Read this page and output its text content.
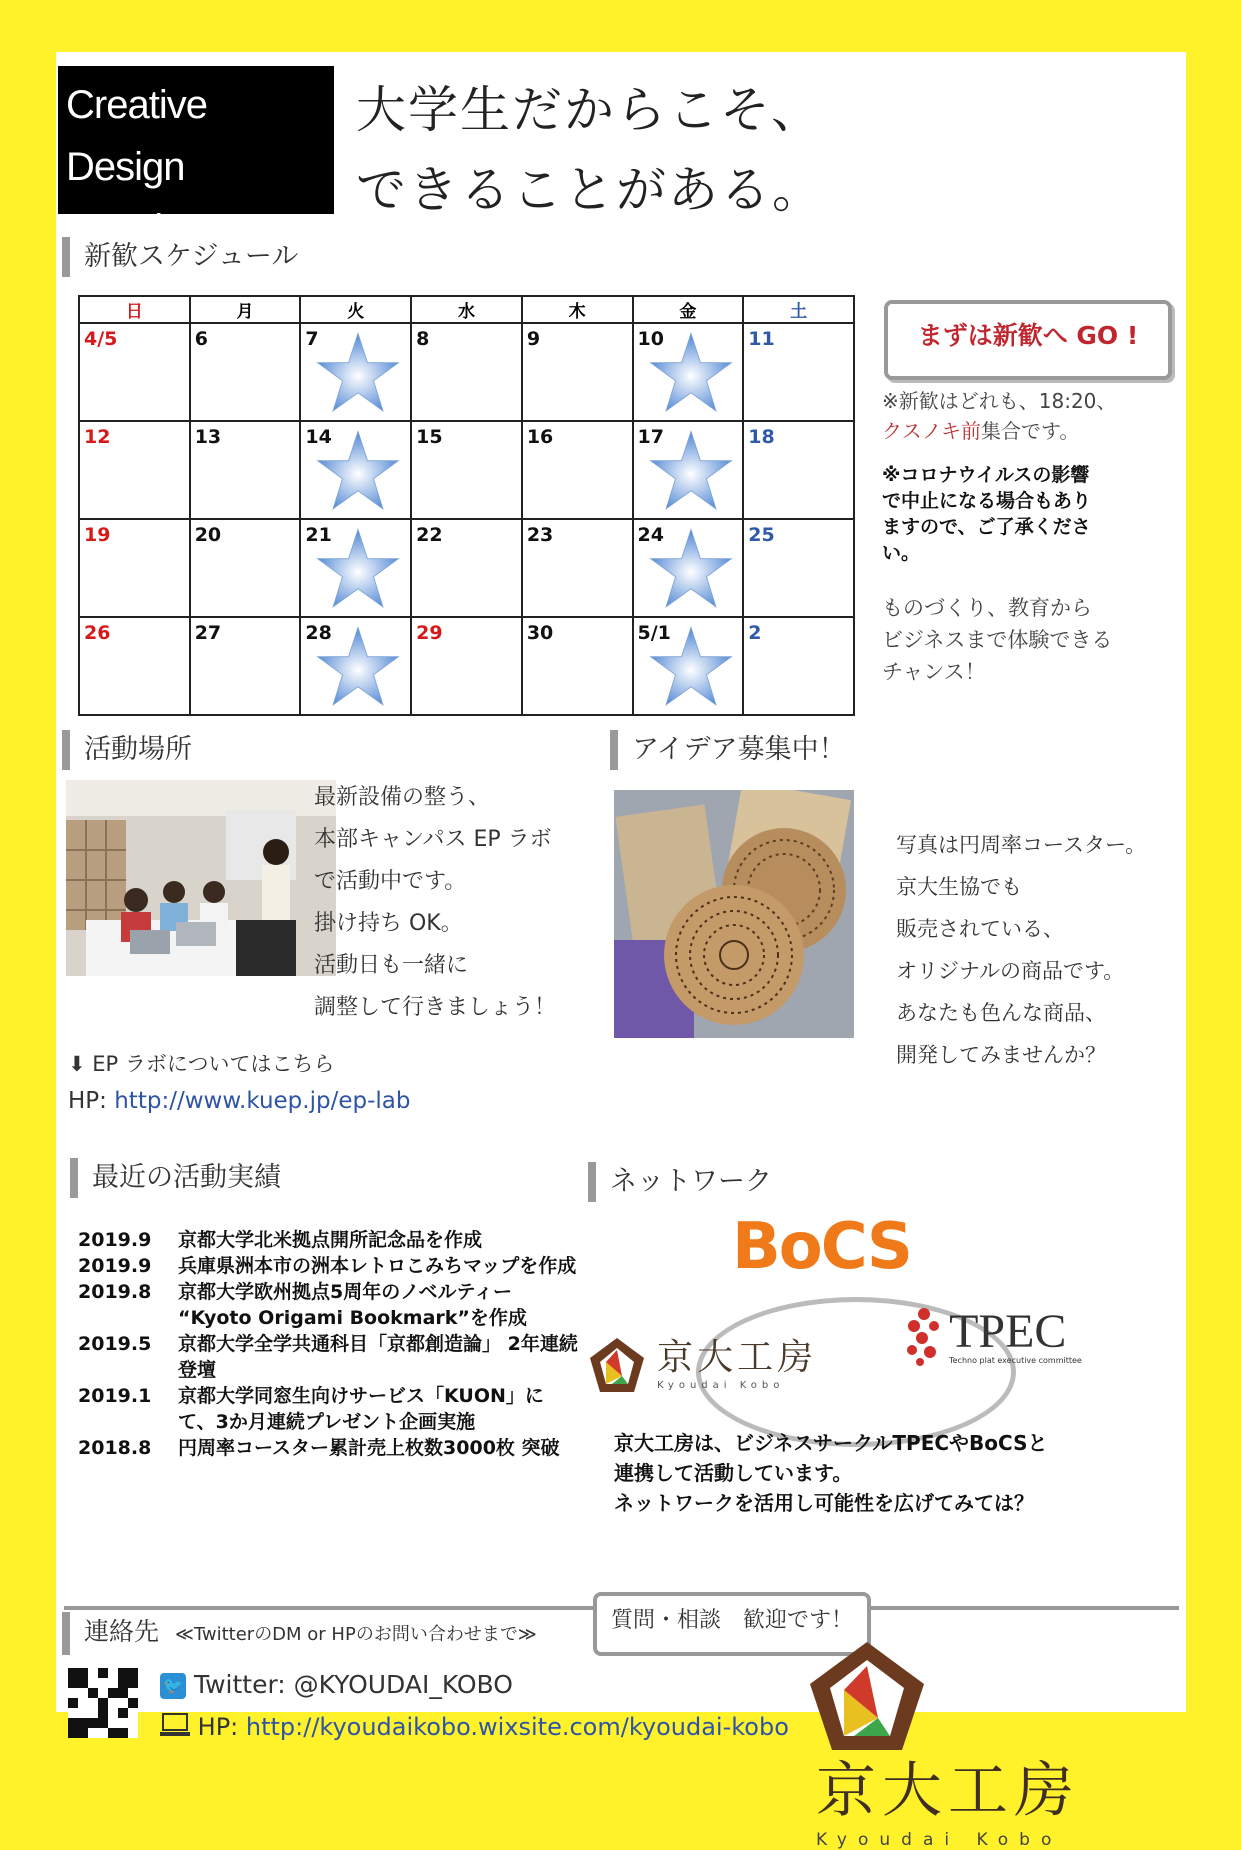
Creative Design
×Business
大学生だからこそ、
できることがある。
新歓スケジュール
日	月	火	水	木	金	土

4/5	6	7	8	9	10	11

12	13	14	15	16	17	18

19	20	21	22	23	24	25

26	27	28	29	30	5/1	2
まずは新歓へ GO !
※新歓はどれも、18:20、
クスノキ前集合です。
※コロナウイルスの影響
で中止になる場合もあり
ますので、ご了承くださ
い。
ものづくり、教育から
ビジネスまで体験できる
チャンス！
活動場所
最新設備の整う、
本部キャンパス EP ラボ
で活動中です。
掛け持ち OK。
活動日も一緒に
調整して行きましょう！
⬇ EP ラボについてはこちら
HP: http://www.kuep.jp/ep-lab
アイデア募集中！
写真は円周率コースター。
京大生協でも
販売されている、
オリジナルの商品です。
あなたも色んな商品、
開発してみませんか？
最近の活動実績
2019.9	京都大学北米拠点開所記念品を作成
2019.9	兵庫県洲本市の洲本レトロこみちマップを作成
2019.8	京都大学欧州拠点5周年のノベルティー “Kyoto Origami Bookmark”を作成
2019.5	京都大学全学共通科目「京都創造論」 2年連続登壇
2019.1	京都大学同窓生向けサービス「KUON」にて、3か月連続プレゼント企画実施
2018.8	円周率コースター累計売上枚数3000枚 突破
ネットワーク
BoCS

TPEC
Techno plat executive committee

京大工房
Kyoudai Kobo
京大工房は、ビジネスサークルTPECやBoCSと
連携して活動しています。
ネットワークを活用し可能性を広げてみては？
連絡先 ≪TwitterのDM or HPのお問い合わせまで≫
質問・相談　歓迎です！
🐦 Twitter: @KYOUDAI_KOBO
HP: http://kyoudaikobo.wixsite.com/kyoudai-kobo

京大工房
Kyoudai Kobo
